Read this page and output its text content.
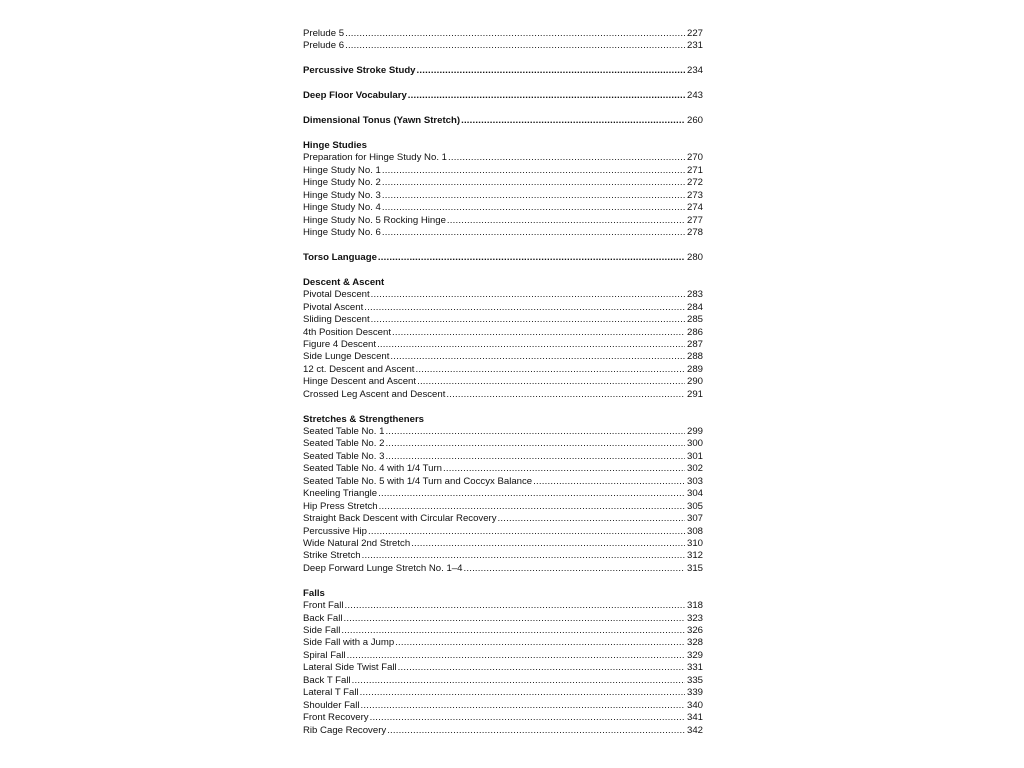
Prelude 5 .....	227
Prelude 6 .....	231
Percussive Stroke Study .....	234
Deep Floor Vocabulary .....	243
Dimensional Tonus (Yawn Stretch) .....	260
Hinge Studies
Preparation for Hinge Study No. 1 .....	270
Hinge Study No. 1 .....	271
Hinge Study No. 2 .....	272
Hinge Study No. 3 .....	273
Hinge Study No. 4 .....	274
Hinge Study No. 5 Rocking Hinge .....	277
Hinge Study No. 6 .....	278
Torso Language .....	280
Descent & Ascent
Pivotal Descent .....	283
Pivotal Ascent .....	284
Sliding Descent .....	285
4th Position Descent .....	286
Figure 4 Descent .....	287
Side Lunge Descent .....	288
12 ct. Descent and Ascent .....	289
Hinge Descent and Ascent .....	290
Crossed Leg Ascent and Descent .....	291
Stretches & Strengtheners
Seated Table No. 1 .....	299
Seated Table No. 2 .....	300
Seated Table No. 3 .....	301
Seated Table No. 4 with 1/4 Turn .....	302
Seated Table No. 5 with 1/4 Turn and Coccyx Balance .....	303
Kneeling Triangle .....	304
Hip Press Stretch .....	305
Straight Back Descent with Circular Recovery .....	307
Percussive Hip .....	308
Wide Natural 2nd Stretch .....	310
Strike Stretch .....	312
Deep Forward Lunge Stretch No. 1–4 .....	315
Falls
Front Fall .....	318
Back Fall .....	323
Side Fall .....	326
Side Fall with a Jump .....	328
Spiral Fall .....	329
Lateral Side Twist Fall .....	331
Back T Fall .....	335
Lateral T Fall .....	339
Shoulder Fall .....	340
Front Recovery .....	341
Rib Cage Recovery .....	342
